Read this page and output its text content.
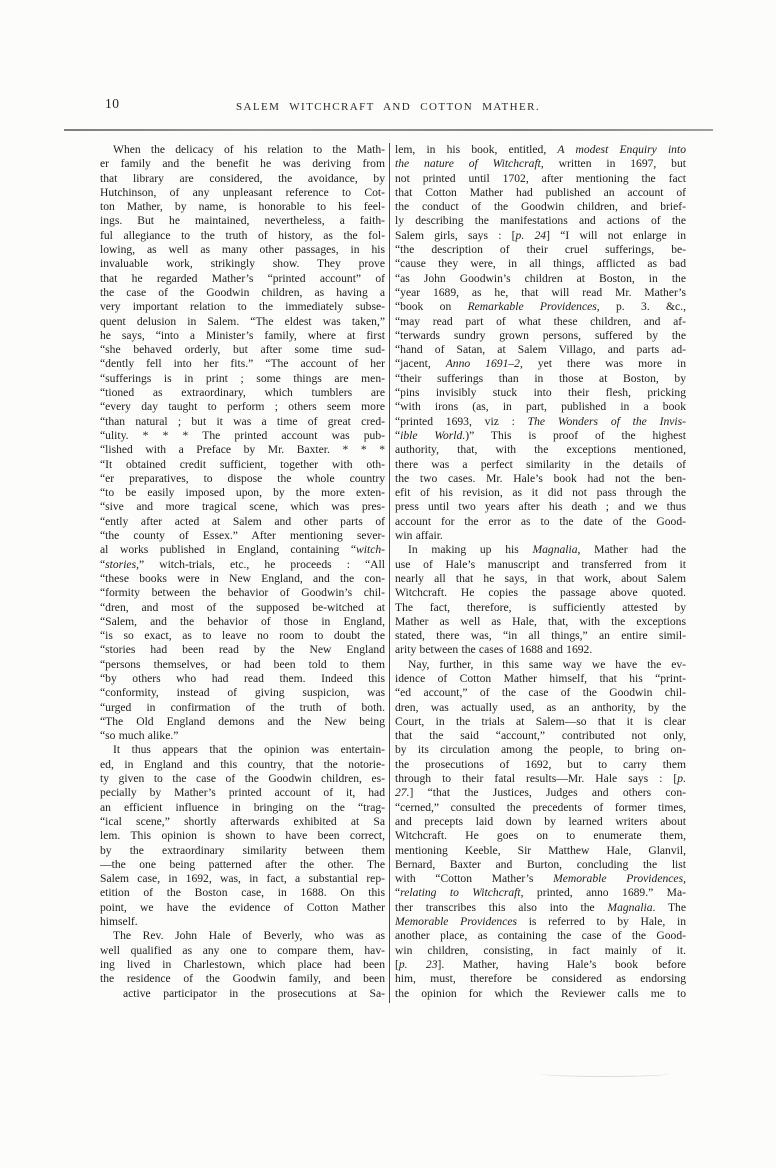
10	SALEM WITCHCRAFT AND COTTON MATHER.
When the delicacy of his relation to the Math-
er family and the benefit he was deriving from
that library are considered, the avoidance, by
Hutchinson, of any unpleasant reference to Cot-
ton Mather, by name, is honorable to his feel-
ings. But he maintained, nevertheless, a faith-
ful allegiance to the truth of history, as the fol-
lowing, as well as many other passages, in his
invaluable work, strikingly show. They prove
that he regarded Mather’s “printed account” of
the case of the Goodwin children, as having a
very important relation to the immediately subse-
quent delusion in Salem. “The eldest was taken,”
he says, “into a Minister’s family, where at first
“she behaved orderly, but after some time sud-
“dently fell into her fits.” “The account of her
“sufferings is in print ; some things are men-
“tioned as extraordinary, which tumblers are
“every day taught to perform ; others seem more
“than natural ; but it was a time of great cred-
“ulity. * * * The printed account was pub-
“lished with a Preface by Mr. Baxter. * * *
“It obtained credit sufficient, together with oth-
“er preparatives, to dispose the whole country
“to be easily imposed upon, by the more exten-
“sive and more tragical scene, which was pres-
“ently after acted at Salem and other parts of
“the county of Essex.” After mentioning sever-
al works published in England, containing “witch-
“stories,” witch-trials, etc., he proceeds : “All
“these books were in New England, and the con-
“formity between the behavior of Goodwin’s chil-
“dren, and most of the supposed be-witched at
“Salem, and the behavior of those in England,
“is so exact, as to leave no room to doubt the
“stories had been read by the New England
“persons themselves, or had been told to them
“by others who had read them. Indeed this
“conformity, instead of giving suspicion, was
“urged in confirmation of the truth of both.
“The Old England demons and the New being
“so much alike.”
It thus appears that the opinion was entertain-
ed, in England and this country, that the notorie-
ty given to the case of the Goodwin children, es-
pecially by Mather’s printed account of it, had
an efficient influence in bringing on the “trag-
“ical scene,” shortly afterwards exhibited at Sa
lem. This opinion is shown to have been correct,
by the extraordinary similarity between them
—the one being patterned after the other. The
Salem case, in 1692, was, in fact, a substantial rep-
etition of the Boston case, in 1688. On this
point, we have the evidence of Cotton Mather
himself.
The Rev. John Hale of Beverly, who was as
well qualified as any one to compare them, hav-
ing lived in Charlestown, which place had been
the residence of the Goodwin family, and been
active participator in the prosecutions at Sa-
lem, in his book, entitled, A modest Enquiry into
the nature of Witchcraft, written in 1697, but
not printed until 1702, after mentioning the fact
that Cotton Mather had published an account of
the conduct of the Goodwin children, and brief-
ly describing the manifestations and actions of the
Salem girls, says : [p. 24] “I will not enlarge in
“the description of their cruel sufferings, be-
“cause they were, in all things, afflicted as bad
“as John Goodwin’s children at Boston, in the
“year 1689, as he, that will read Mr. Mather’s
“book on Remarkable Providences, p. 3. &c.,
“may read part of what these children, and af-
“terwards sundry grown persons, suffered by the
“hand of Satan, at Salem Villago, and parts ad-
“jacent, Anno 1691–2, yet there was more in
“their sufferings than in those at Boston, by
“pins invisibly stuck into their flesh, pricking
“with irons (as, in part, published in a book
“printed 1693, viz : The Wonders of the Invis-
“ible World.)” This is proof of the highest
authority, that, with the exceptions mentioned,
there was a perfect similarity in the details of
the two cases. Mr. Hale’s book had not the ben-
efit of his revision, as it did not pass through the
press until two years after his death ; and we thus
account for the error as to the date of the Good-
win affair.
In making up his Magnalia, Mather had the
use of Hale’s manuscript and transferred from it
nearly all that he says, in that work, about Salem
Witchcraft. He copies the passage above quoted.
The fact, therefore, is sufficiently attested by
Mather as well as Hale, that, with the exceptions
stated, there was, “in all things,” an entire simil-
arity between the cases of 1688 and 1692.
Nay, further, in this same way we have the ev-
idence of Cotton Mather himself, that his “print-
“ed account,” of the case of the Goodwin chil-
dren, was actually used, as an anthority, by the
Court, in the trials at Salem—so that it is clear
that the said “account,” contributed not only,
by its circulation among the people, to bring on-
the prosecutions of 1692, but to carry them
through to their fatal results—Mr. Hale says : [p.
27.] “that the Justices, Judges and others con-
“cerned,” consulted the precedents of former times,
and precepts laid down by learned writers about
Witchcraft. He goes on to enumerate them,
mentioning Keeble, Sir Matthew Hale, Glanvil,
Bernard, Baxter and Burton, concluding the list
with “Cotton Mather’s Memorable Providences,
“relating to Witchcraft, printed, anno 1689.” Ma-
ther transcribes this also into the Magnalia. The
Memorable Providences is referred to by Hale, in
another place, as containing the case of the Good-
win children, consisting, in fact mainly of it.
[p. 23]. Mather, having Hale’s book before
him, must, therefore be considered as endorsing
the opinion for which the Reviewer calls me to
